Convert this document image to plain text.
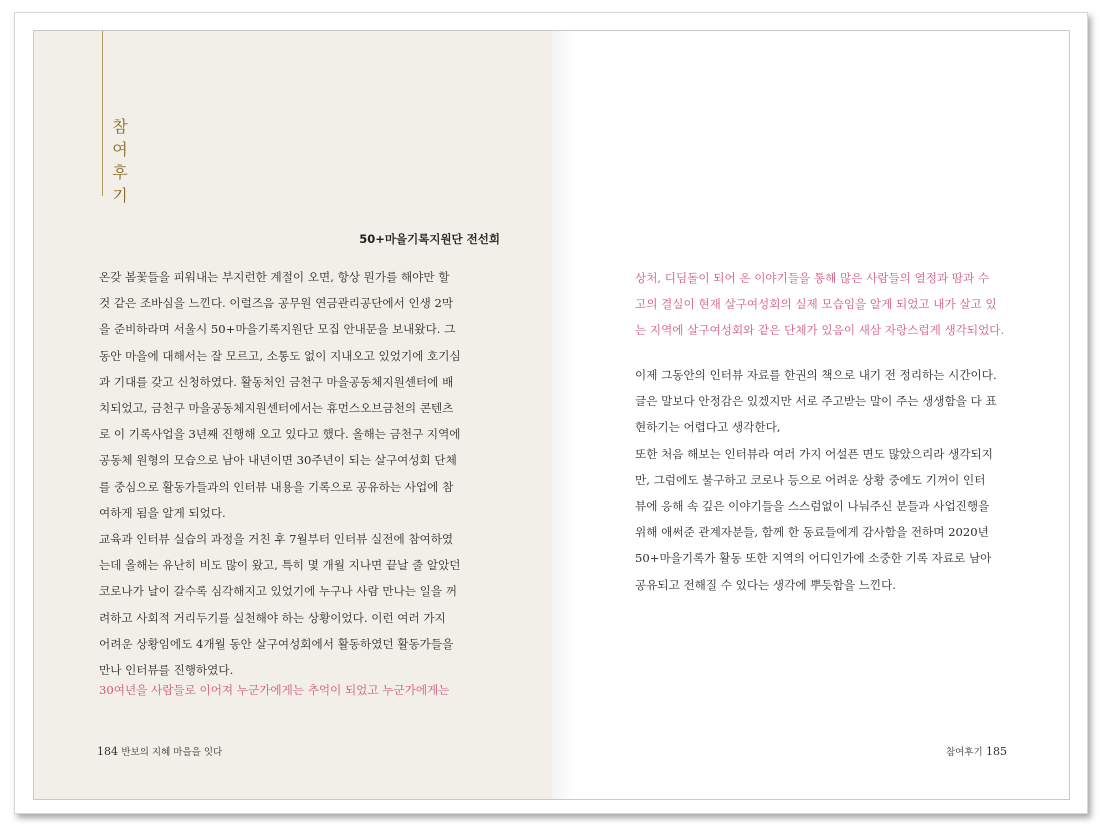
참
여
후
기
50+마을기록지원단 전선희
온갖 봄꽃들을 피워내는 부지런한 계절이 오면, 항상 뭔가를 해야만 할
것 같은 조바심을 느낀다. 이럴즈음 공무원 연금관리공단에서 인생 2막
을 준비하라며 서울시 50+마을기록지원단 모집 안내문을 보내왔다. 그
동안 마을에 대해서는 잘 모르고, 소통도 없이 지내오고 있었기에 호기심
과 기대를 갖고 신청하였다. 활동처인 금천구 마을공동체지원센터에 배
치되었고, 금천구 마을공동체지원센터에서는 휴먼스오브금천의 콘텐츠
로 이 기록사업을 3년째 진행해 오고 있다고 했다. 올해는 금천구 지역에
공동체 원형의 모습으로 남아 내년이면 30주년이 되는 살구여성회 단체
를 중심으로 활동가들과의 인터뷰 내용을 기록으로 공유하는 사업에 참
여하게 됨을 알게 되었다.
교육과 인터뷰 실습의 과정을 거친 후 7월부터 인터뷰 실전에 참여하였
는데 올해는 유난히 비도 많이 왔고, 특히 몇 개월 지나면 끝날 줄 알았던
코로나가 날이 갈수록 심각해지고 있었기에 누구나 사람 만나는 일을 꺼
려하고 사회적 거리두기를 실천해야 하는 상황이었다. 이런 여러 가지
어려운 상황임에도 4개월 동안 살구여성회에서 활동하였던 활동가들을
만나 인터뷰를 진행하였다.
30여년을 사람들로 이어져 누군가에게는 추억이 되었고 누군가에게는
184 반보의 지혜 마을을 잇다
상처, 디딤돌이 되어 온 이야기들을 통해 많은 사람들의 열정과 땀과 수
고의 결실이 현재 살구여성회의 실제 모습임을 알게 되었고 내가 살고 있
는 지역에 살구여성회와 같은 단체가 있음이 새삼 자랑스럽게 생각되었다.
이제 그동안의 인터뷰 자료를 한권의 책으로 내기 전 정리하는 시간이다.
글은 말보다 안정감은 있겠지만 서로 주고받는 말이 주는 생생함을 다 표
현하기는 어렵다고 생각한다,
또한 처음 해보는 인터뷰라 여러 가지 어설픈 면도 많았으리라 생각되지
만, 그럼에도 불구하고 코로나 등으로 어려운 상황 중에도 기꺼이 인터
뷰에 응해 속 깊은 이야기들을 스스럼없이 나눠주신 분들과 사업진행을
위해 애써준 관계자분들, 함께 한 동료들에게 감사함을 전하며 2020년
50+마을기록가 활동 또한 지역의 어디인가에 소중한 기록 자료로 남아
공유되고 전해질 수 있다는 생각에 뿌듯함을 느낀다.
참여후기 185
